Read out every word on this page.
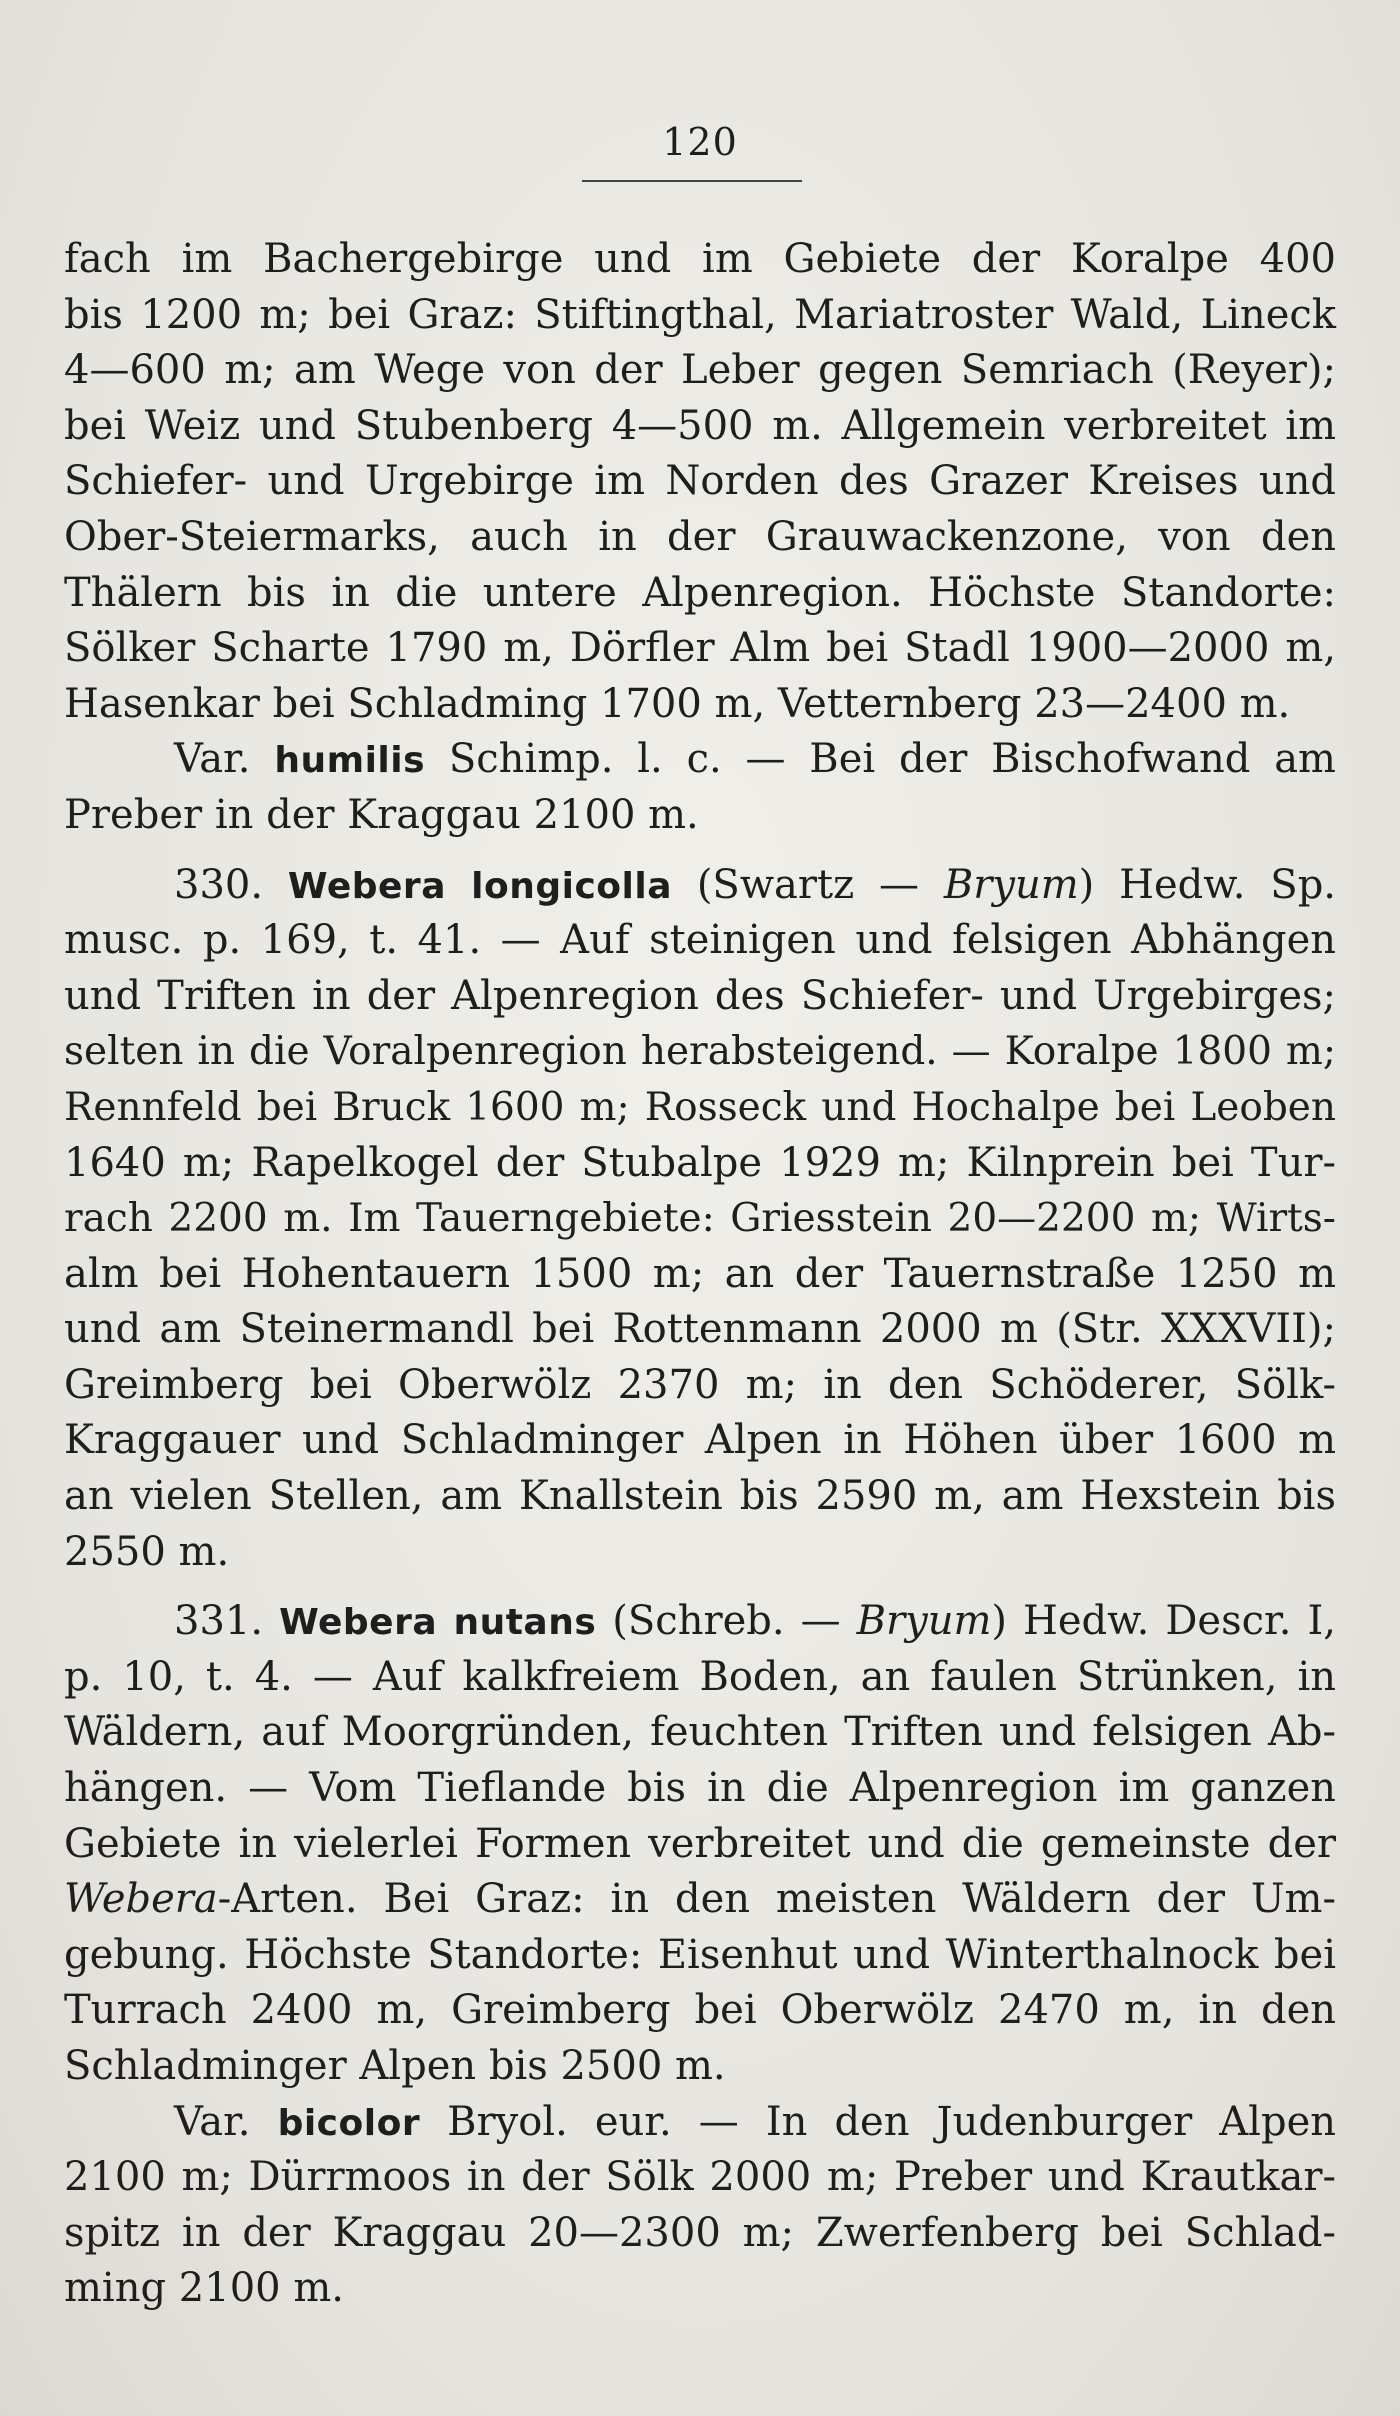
120
fach im Bachergebirge und im Gebiete der Koralpe 400
bis 1200 m; bei Graz: Stiftingthal, Mariatroster Wald, Lineck
4—600 m; am Wege von der Leber gegen Semriach (Reyer);
bei Weiz und Stubenberg 4—500 m. Allgemein verbreitet im
Schiefer- und Urgebirge im Norden des Grazer Kreises und
Ober-Steiermarks, auch in der Grauwackenzone, von den
Thälern bis in die untere Alpenregion. Höchste Standorte:
Sölker Scharte 1790 m, Dörfler Alm bei Stadl 1900—2000 m,
Hasenkar bei Schladming 1700 m, Vetternberg 23—2400 m.
Var. humilis Schimp. l. c. — Bei der Bischofwand am
Preber in der Kraggau 2100 m.
330. Webera longicolla (Swartz — Bryum) Hedw. Sp.
musc. p. 169, t. 41. — Auf steinigen und felsigen Abhängen
und Triften in der Alpenregion des Schiefer- und Urgebirges;
selten in die Voralpenregion herabsteigend. — Koralpe 1800 m;
Rennfeld bei Bruck 1600 m; Rosseck und Hochalpe bei Leoben
1640 m; Rapelkogel der Stubalpe 1929 m; Kilnprein bei Tur-
rach 2200 m. Im Tauerngebiete: Griesstein 20—2200 m; Wirts-
alm bei Hohentauern 1500 m; an der Tauernstraße 1250 m
und am Steinermandl bei Rottenmann 2000 m (Str. XXXVII);
Greimberg bei Oberwölz 2370 m; in den Schöderer, Sölk-
Kraggauer und Schladminger Alpen in Höhen über 1600 m
an vielen Stellen, am Knallstein bis 2590 m, am Hexstein bis
2550 m.
331. Webera nutans (Schreb. — Bryum) Hedw. Descr. I,
p. 10, t. 4. — Auf kalkfreiem Boden, an faulen Strünken, in
Wäldern, auf Moorgründen, feuchten Triften und felsigen Ab-
hängen. — Vom Tieflande bis in die Alpenregion im ganzen
Gebiete in vielerlei Formen verbreitet und die gemeinste der
Webera-Arten. Bei Graz: in den meisten Wäldern der Um-
gebung. Höchste Standorte: Eisenhut und Winterthalnock bei
Turrach 2400 m, Greimberg bei Oberwölz 2470 m, in den
Schladminger Alpen bis 2500 m.
Var. bicolor Bryol. eur. — In den Judenburger Alpen
2100 m; Dürrmoos in der Sölk 2000 m; Preber und Krautkar-
spitz in der Kraggau 20—2300 m; Zwerfenberg bei Schlad-
ming 2100 m.
